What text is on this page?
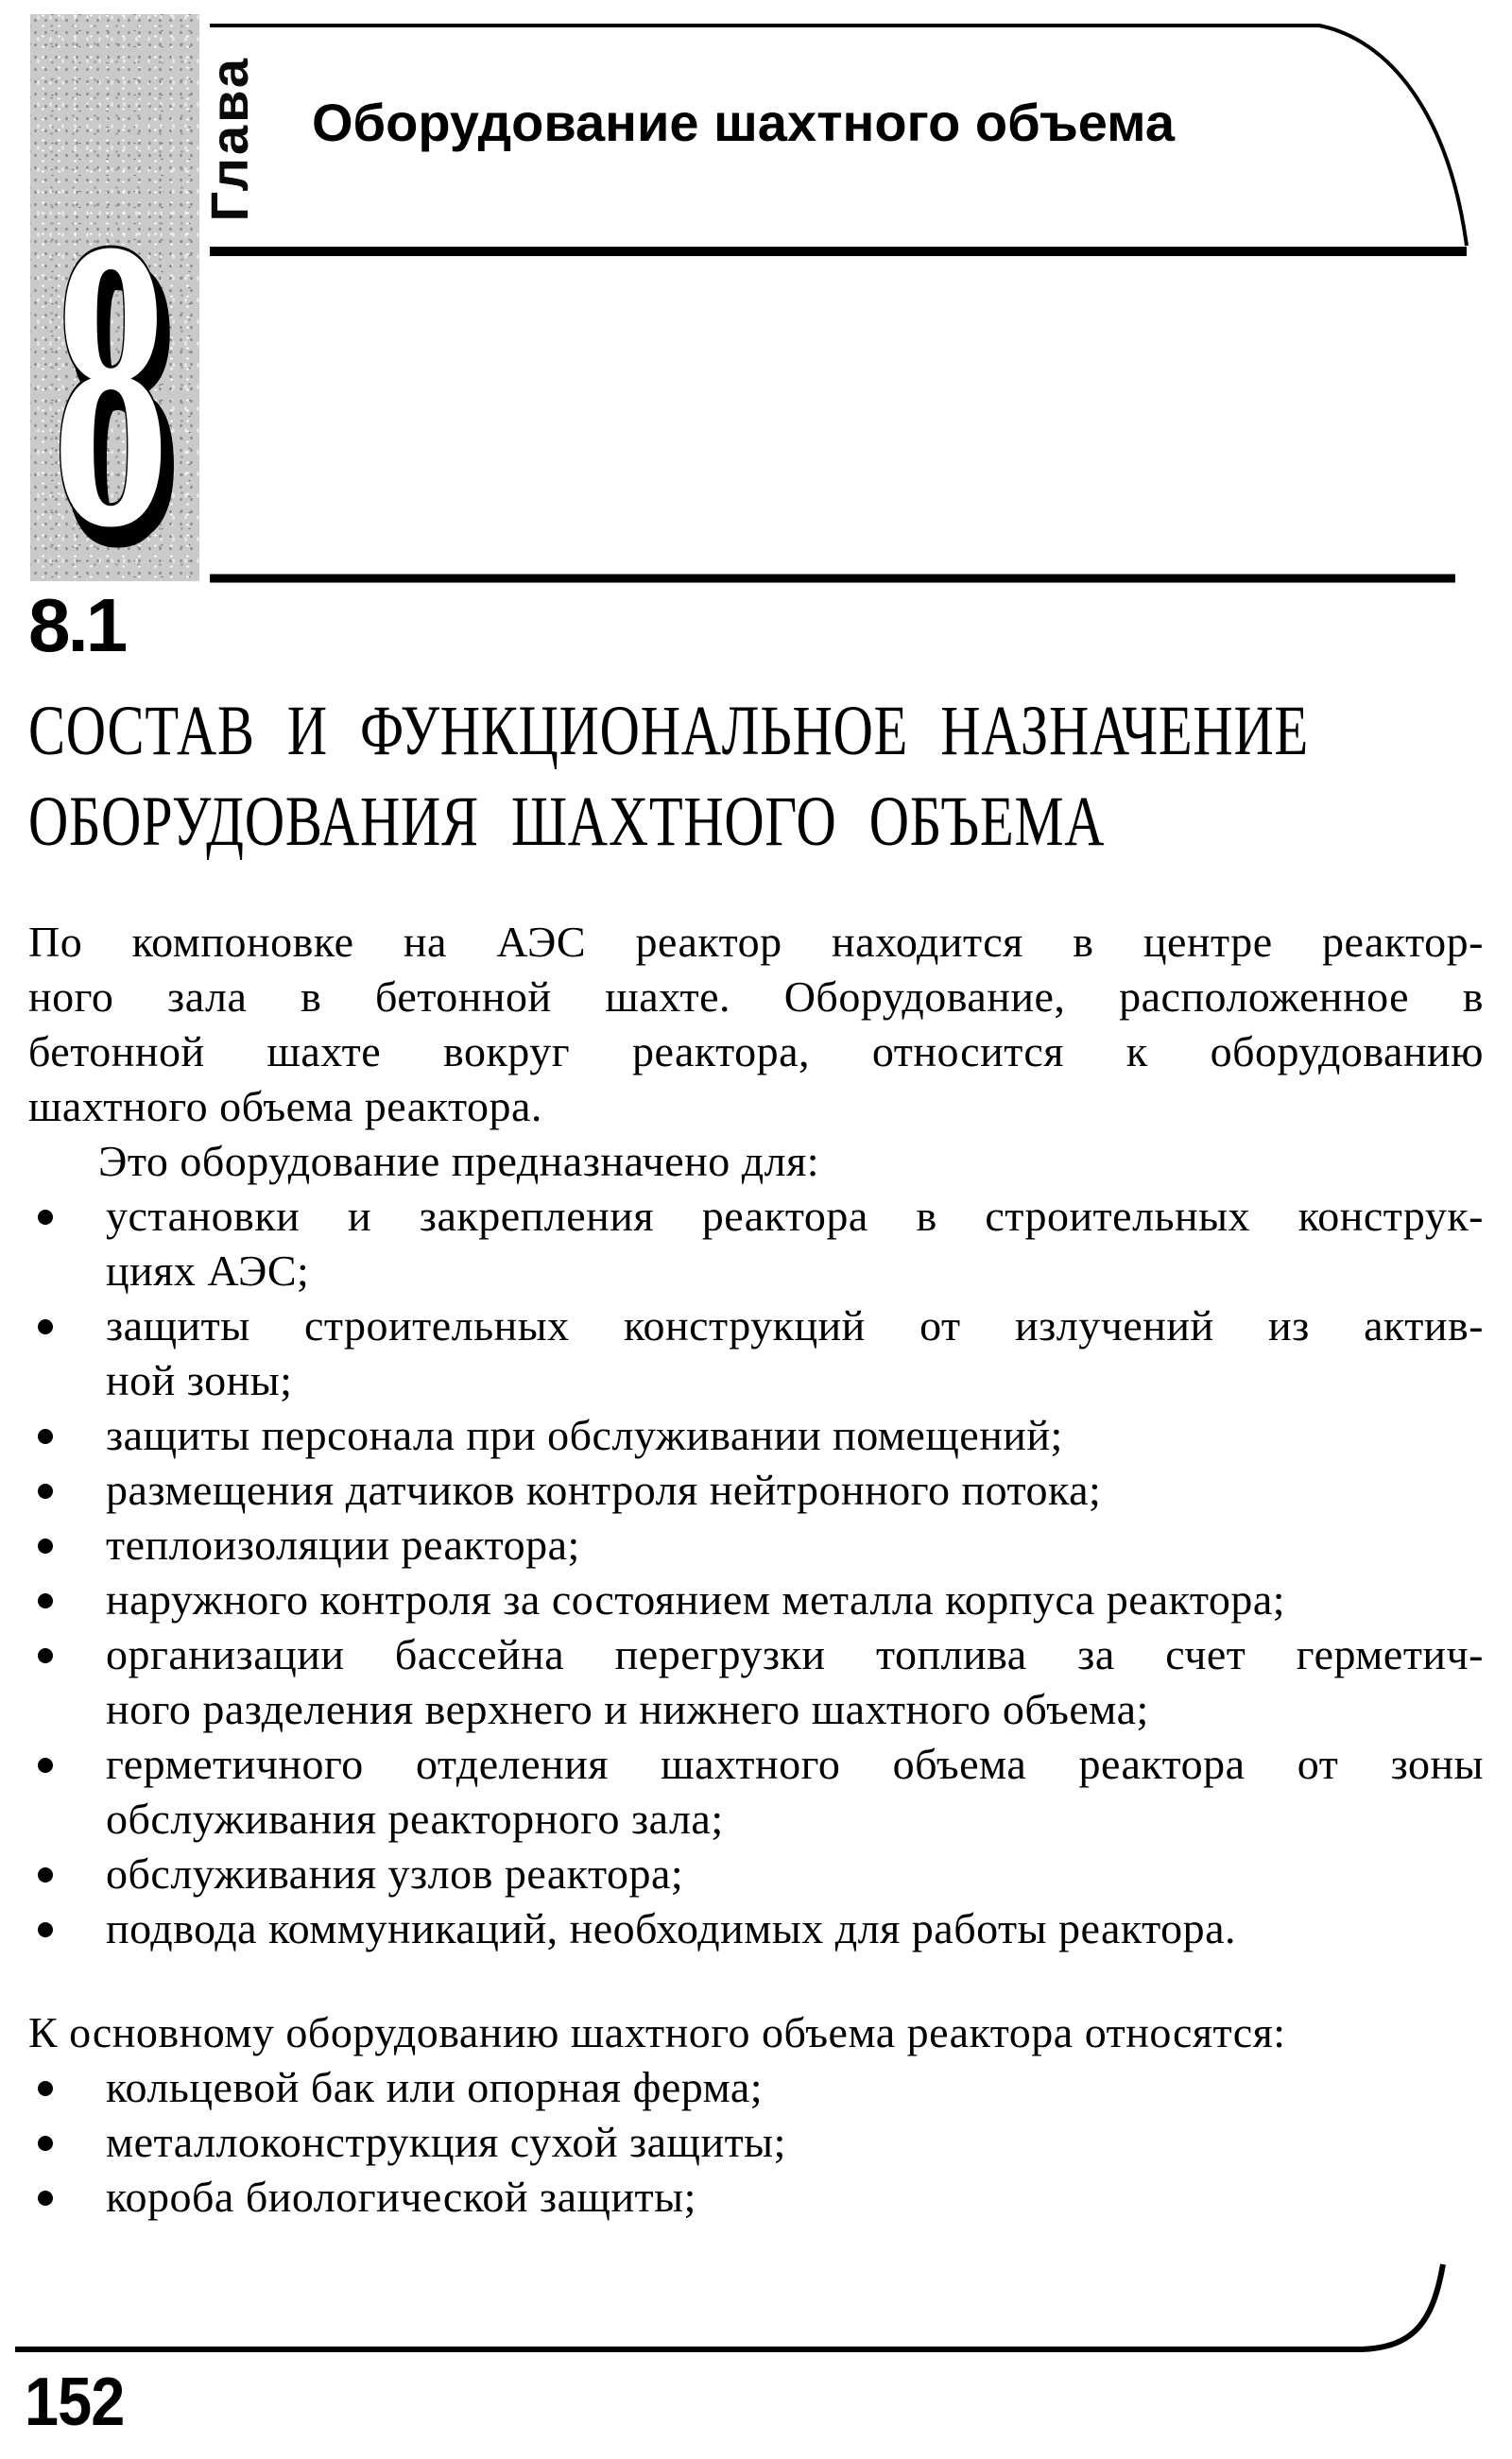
Глава
8
Оборудование шахтного объема
8.1
СОСТАВ И ФУНКЦИОНАЛЬНОЕ НАЗНАЧЕНИЕ
ОБОРУДОВАНИЯ ШАХТНОГО ОБЪЕМА
По компоновке на АЭС реактор находится в центре реактор-
ного зала в бетонной шахте. Оборудование, расположенное в
бетонной шахте вокруг реактора, относится к оборудованию
шахтного объема реактора.
Это оборудование предназначено для:
установки и закрепления реактора в строительных конструк-
циях АЭС;
защиты строительных конструкций от излучений из актив-
ной зоны;
защиты персонала при обслуживании помещений;
размещения датчиков контроля нейтронного потока;
теплоизоляции реактора;
наружного контроля за состоянием металла корпуса реактора;
организации бассейна перегрузки топлива за счет герметич-
ного разделения верхнего и нижнего шахтного объема;
герметичного отделения шахтного объема реактора от зоны
обслуживания реакторного зала;
обслуживания узлов реактора;
подвода коммуникаций, необходимых для работы реактора.
К основному оборудованию шахтного объема реактора относятся:
кольцевой бак или опорная ферма;
металлоконструкция сухой защиты;
короба биологической защиты;
152
